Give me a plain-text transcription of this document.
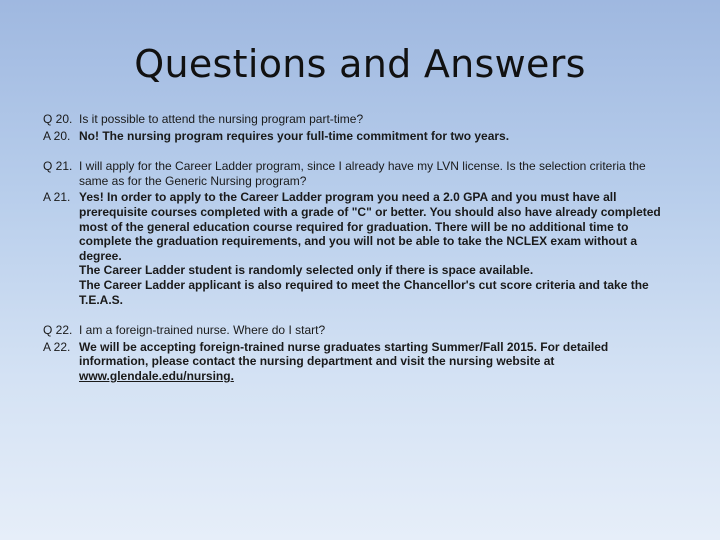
Questions and Answers
Q 20. Is it possible to attend the nursing program part-time?
A 20. No! The nursing program requires your full-time commitment for two years.
Q 21. I will apply for the Career Ladder program, since I already have my LVN license. Is the selection criteria the same as for the Generic Nursing program?
A 21. Yes! In order to apply to the Career Ladder program you need a 2.0 GPA and you must have all prerequisite courses completed with a grade of "C" or better. You should also have already completed most of the general education course required for graduation. There will be no additional time to complete the graduation requirements, and you will not be able to take the NCLEX exam without a degree.
The Career Ladder student is randomly selected only if there is space available.
The Career Ladder applicant is also required to meet the Chancellor's cut score criteria and take the T.E.A.S.
Q 22. I am a foreign-trained nurse. Where do I start?
A 22. We will be accepting foreign-trained nurse graduates starting Summer/Fall 2015. For detailed information, please contact the nursing department and visit the nursing website at
www.glendale.edu/nursing.
